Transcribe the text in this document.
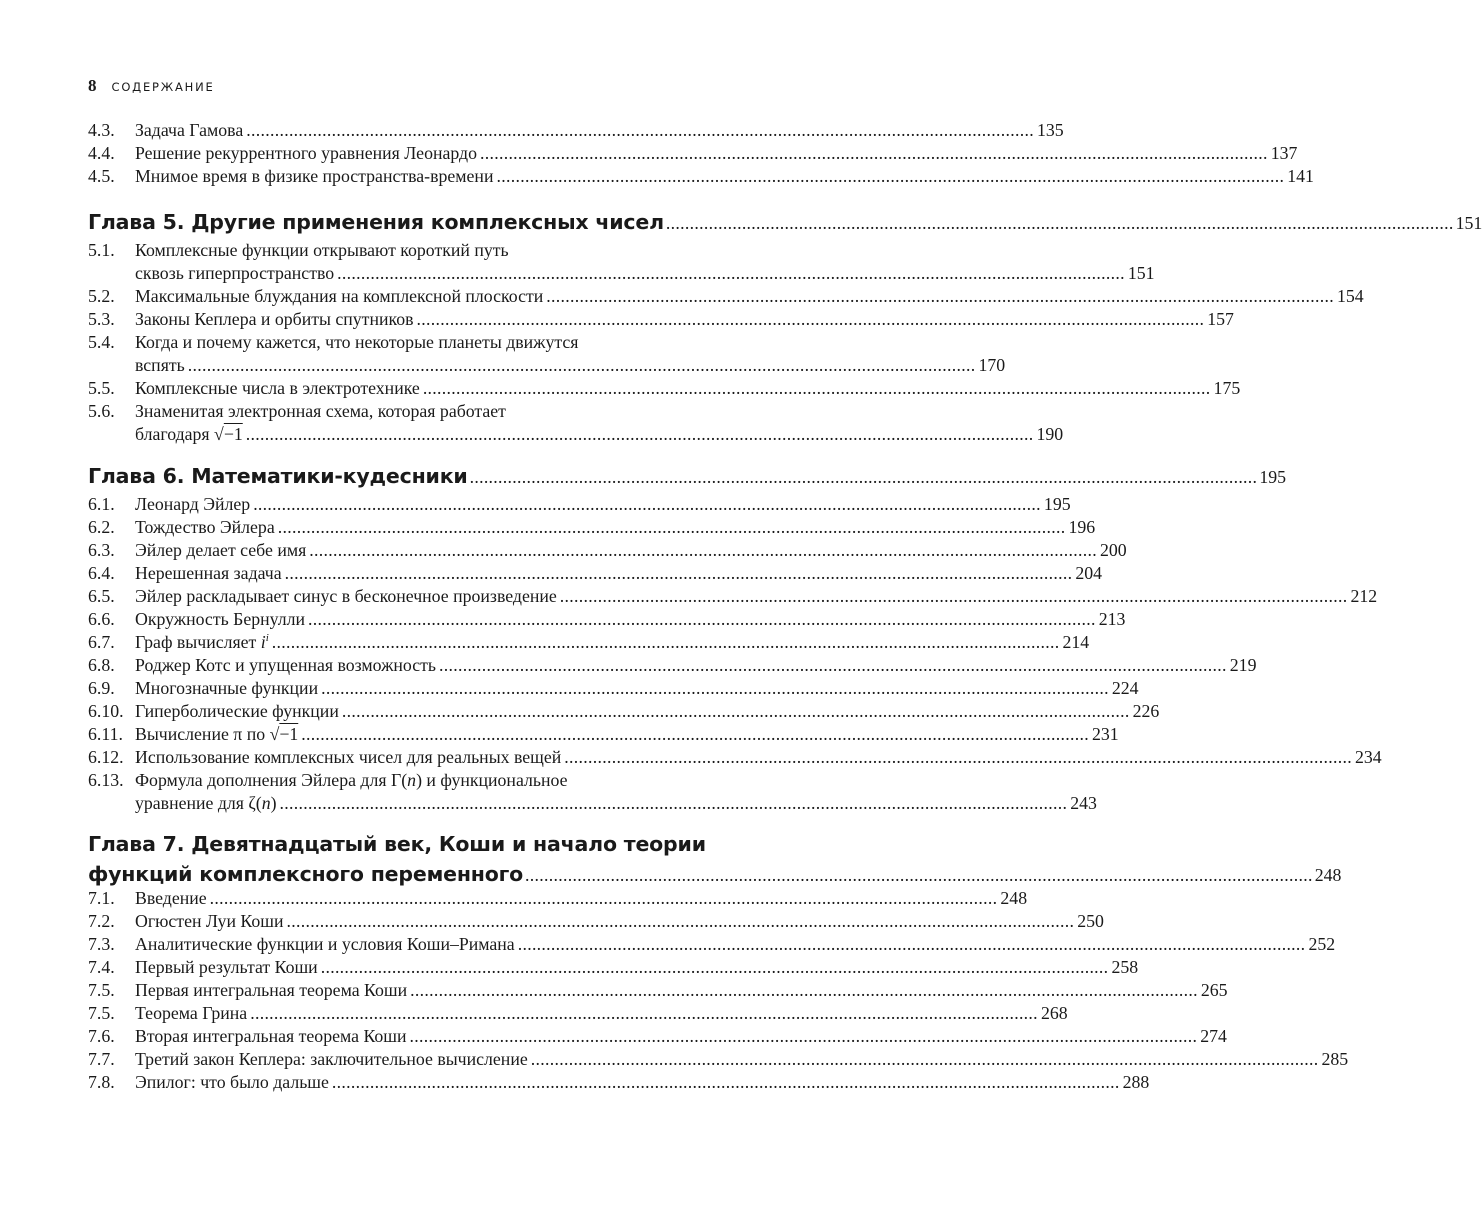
8 СОДЕРЖАНИЕ
4.3.	Задача Гамова ...................................................................................................................................................................... 135
4.4.	Решение рекуррентного уравнения Леонардо ...................................................................................................................................................................... 137
4.5.	Мнимое время в физике пространства-времени ...................................................................................................................................................................... 141
Глава 5. Другие применения комплексных чисел ...................................................................................................................................................................... 151
5.1.	Комплексные функции открывают короткий путь
сквозь гиперпространство ...................................................................................................................................................................... 151
5.2.	Максимальные блуждания на комплексной плоскости ...................................................................................................................................................................... 154
5.3.	Законы Кеплера и орбиты спутников ...................................................................................................................................................................... 157
5.4.	Когда и почему кажется, что некоторые планеты движутся
вспять ...................................................................................................................................................................... 170
5.5.	Комплексные числа в электротехнике ...................................................................................................................................................................... 175
5.6.	Знаменитая электронная схема, которая работает
благодаря √−1 ...................................................................................................................................................................... 190
Глава 6. Математики-кудесники ...................................................................................................................................................................... 195
6.1.	Леонард Эйлер ...................................................................................................................................................................... 195
6.2.	Тождество Эйлера ...................................................................................................................................................................... 196
6.3.	Эйлер делает себе имя ...................................................................................................................................................................... 200
6.4.	Нерешенная задача ...................................................................................................................................................................... 204
6.5.	Эйлер раскладывает синус в бесконечное произведение ...................................................................................................................................................................... 212
6.6.	Окружность Бернулли ...................................................................................................................................................................... 213
6.7.	Граф вычисляет $i^i$ ...................................................................................................................................................................... 214
6.8.	Роджер Котс и упущенная возможность ...................................................................................................................................................................... 219
6.9.	Многозначные функции ...................................................................................................................................................................... 224
6.10. Гиперболические функции ...................................................................................................................................................................... 226
6.11. Вычисление π по √−1 ...................................................................................................................................................................... 231
6.12. Использование комплексных чисел для реальных вещей ...................................................................................................................................................................... 234
6.13. Формула дополнения Эйлера для Γ(n) и функциональное
уравнение для ζ(n) ...................................................................................................................................................................... 243
Глава 7. Девятнадцатый век, Коши и начало теории
функций комплексного переменного ...................................................................................................................................................................... 248
7.1.	Введение ...................................................................................................................................................................... 248
7.2.	Огюстен Луи Коши ...................................................................................................................................................................... 250
7.3.	Аналитические функции и условия Коши–Римана ...................................................................................................................................................................... 252
7.4.	Первый результат Коши ...................................................................................................................................................................... 258
7.5.	Первая интегральная теорема Коши ...................................................................................................................................................................... 265
7.5.	Теорема Грина ...................................................................................................................................................................... 268
7.6.	Вторая интегральная теорема Коши ...................................................................................................................................................................... 274
7.7.	Третий закон Кеплера: заключительное вычисление ...................................................................................................................................................................... 285
7.8.	Эпилог: что было дальше ...................................................................................................................................................................... 288
